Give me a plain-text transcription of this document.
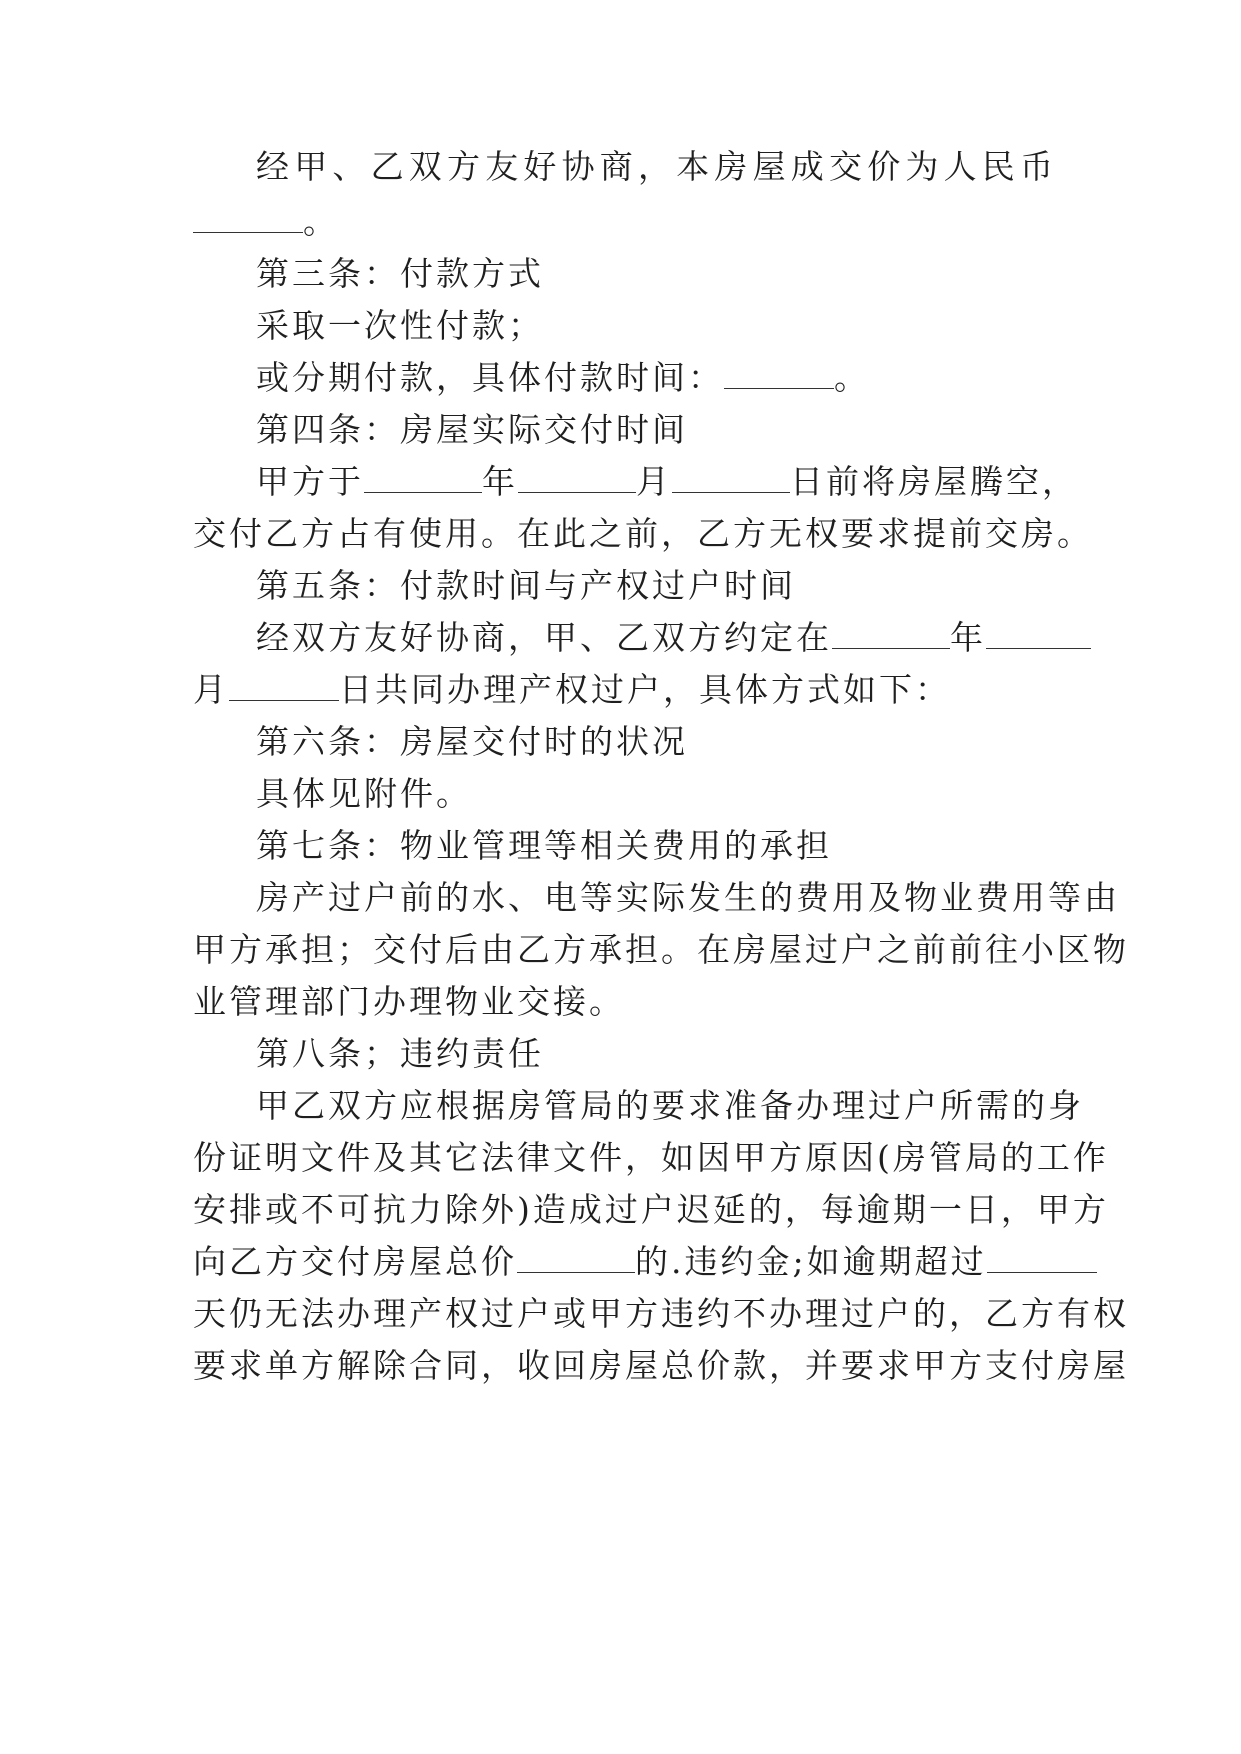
经甲、乙双方友好协商，本房屋成交价为人民币
。
第三条：付款方式
采取一次性付款；
或分期付款，具体付款时间：	。
第四条：房屋实际交付时间
甲方于	年	月	日前将房屋腾空，
交付乙方占有使用。在此之前，乙方无权要求提前交房。
第五条：付款时间与产权过户时间
经双方友好协商，甲、乙双方约定在	年
月	日共同办理产权过户，具体方式如下：
第六条：房屋交付时的状况
具体见附件。
第七条：物业管理等相关费用的承担
房产过户前的水、电等实际发生的费用及物业费用等由
甲方承担；交付后由乙方承担。在房屋过户之前前往小区物
业管理部门办理物业交接。
第八条；违约责任
甲乙双方应根据房管局的要求准备办理过户所需的身
份证明文件及其它法律文件，如因甲方原因(房管局的工作
安排或不可抗力除外)造成过户迟延的，每逾期一日，甲方
向乙方交付房屋总价	的.违约金;如逾期超过
天仍无法办理产权过户或甲方违约不办理过户的，乙方有权
要求单方解除合同，收回房屋总价款，并要求甲方支付房屋
